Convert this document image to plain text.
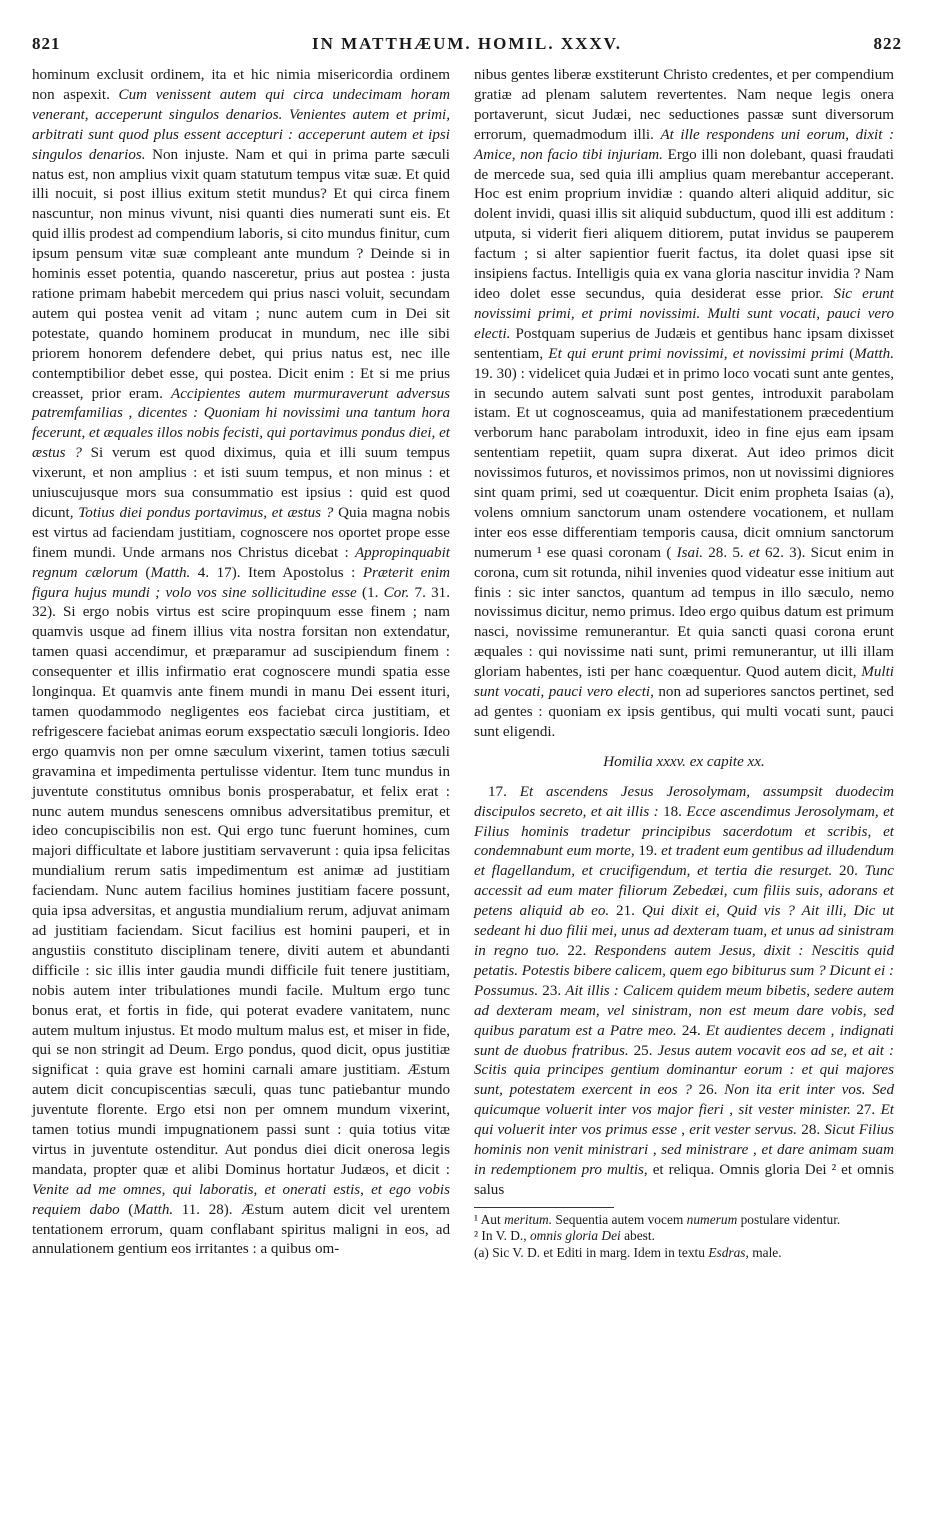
821	IN MATTHÆUM. HOMIL. XXXV.	822

hominum exclusit ordinem, ita et hic nimia misericordia ordinem non aspexit. Cum venissent autem qui circa undecimam horam venerant, acceperunt singulos denarios. Venientes autem et primi, arbitrati sunt quod plus essent accepturi : acceperunt autem et ipsi singulos denarios. Non injuste. Nam et qui in prima parte sæculi natus est, non amplius vixit quam statutum tempus vitæ suæ. Et quid illi nocuit, si post illius exitum stetit mundus? Et qui circa finem nascuntur, non minus vivunt, nisi quanti dies numerati sunt eis. Et quid illis prodest ad compendium laboris, si cito mundus finitur, cum ipsum pensum vitæ suæ compleant ante mundum ? Deinde si in hominis esset potentia, quando nasceretur, prius aut postea : justa ratione primam habebit mercedem qui prius nasci voluit, secundam autem qui postea venit ad vitam ; nunc autem cum in Dei sit potestate, quando hominem producat in mundum, nec ille sibi priorem honorem defendere debet, qui prius natus est, nec ille contemptibilior debet esse, qui postea. Dicit enim : Et si me prius creasset, prior eram. Accipientes autem murmuraverunt adversus patremfamilias , dicentes : Quoniam hi novissimi una tantum hora fecerunt, et æquales illos nobis fecisti, qui portavimus pondus diei, et æstus ? Si verum est quod diximus, quia et illi suum tempus vixerunt, et non amplius : et isti suum tempus, et non minus : et uniuscujusque mors sua consummatio est ipsius : quid est quod dicunt, Totius diei pondus portavimus, et æstus ? Quia magna nobis est virtus ad faciendam justitiam, cognoscere nos oportet prope esse finem mundi. Unde armans nos Christus dicebat : Appropinquabit regnum cælorum (Matth. 4. 17). Item Apostolus : Præterit enim figura hujus mundi ; volo vos sine sollicitudine esse (1. Cor. 7. 31. 32). Si ergo nobis virtus est scire propinquum esse finem ; nam quamvis usque ad finem illius vita nostra forsitan non extendatur, tamen quasi accendimur, et præparamur ad suscipiendum finem : consequenter et illis infirmatio erat cognoscere mundi spatia esse longinqua. Et quamvis ante finem mundi in manu Dei essent ituri, tamen quodammodo negligentes eos faciebat circa justitiam, et refrigescere faciebat animas eorum exspectatio sæculi longioris. Ideo ergo quamvis non per omne sæculum vixerint, tamen totius sæculi gravamina et impedimenta pertulisse videntur. Item tunc mundus in juventute constitutus omnibus bonis prosperabatur, et felix erat : nunc autem mundus senescens omnibus adversitatibus premitur, et ideo concupiscibilis non est. Qui ergo tunc fuerunt homines, cum majori difficultate et labore justitiam servaverunt : quia ipsa felicitas mundialium rerum satis impedimentum est animæ ad justitiam faciendam. Nunc autem facilius homines justitiam facere possunt, quia ipsa adversitas, et angustia mundialium rerum, adjuvat animam ad justitiam faciendam. Sicut facilius est homini pauperi, et in angustiis constituto disciplinam tenere, diviti autem et abundanti difficile : sic illis inter gaudia mundi difficile fuit tenere justitiam, nobis autem inter tribulationes mundi facile. Multum ergo tunc bonus erat, et fortis in fide, qui poterat evadere vanitatem, nunc autem multum injustus. Et modo multum malus est, et miser in fide, qui se non stringit ad Deum. Ergo pondus, quod dicit, opus justitiæ significat : quia grave est homini carnali amare justitiam. Æstum autem dicit concupiscentias sæculi, quas tunc patiebantur mundo juventute florente. Ergo etsi non per omnem mundum vixerint, tamen totius mundi impugnationem passi sunt : quia totius vitæ virtus in juventute ostenditur. Aut pondus diei dicit onerosa legis mandata, propter quæ et alibi Dominus hortatur Judæos, et dicit : Venite ad me omnes, qui laboratis, et onerati estis, et ego vobis requiem dabo (Matth. 11. 28). Æstum autem dicit vel urentem tentationem errorum, quam conflabant spiritus maligni in eos, ad annulationem gentium eos irritantes : a quibus om-

nibus gentes liberæ exstiterunt Christo credentes, et per compendium gratiæ ad plenam salutem revertentes. Nam neque legis onera portaverunt, sicut Judæi, nec seductiones passæ sunt diversorum errorum, quemadmodum illi. At ille respondens uni eorum, dixit : Amice, non facio tibi injuriam. Ergo illi non dolebant, quasi fraudati de mercede sua, sed quia illi amplius quam merebantur acceperant. Hoc est enim proprium invidiæ : quando alteri aliquid additur, sic dolent invidi, quasi illis sit aliquid subductum, quod illi est additum : utputa, si viderit fieri aliquem ditiorem, putat invidus se pauperem factum ; si alter sapientior fuerit factus, ita dolet quasi ipse sit insipiens factus. Intelligis quia ex vana gloria nascitur invidia ? Nam ideo dolet esse secundus, quia desiderat esse prior. Sic erunt novissimi primi, et primi novissimi. Multi sunt vocati, pauci vero electi. Postquam superius de Judæis et gentibus hanc ipsam dixisset sententiam, Et qui erunt primi novissimi, et novissimi primi (Matth. 19. 30) : videlicet quia Judæi et in primo loco vocati sunt ante gentes, in secundo autem salvati sunt post gentes, introduxit parabolam istam. Et ut cognosceamus, quia ad manifestationem præcedentium verborum hanc parabolam introduxit, ideo in fine ejus eam ipsam sententiam repetiit, quam supra dixerat. Aut ideo primos dicit novissimos futuros, et novissimos primos, non ut novissimi digniores sint quam primi, sed ut coæquentur. Dicit enim propheta Isaias (a), volens omnium sanctorum unam ostendere vocationem, et nullam inter eos esse differentiam temporis causa, dicit omnium sanctorum numerum ¹ ese quasi coronam ( Isai. 28. 5. et 62. 3). Sicut enim in corona, cum sit rotunda, nihil invenies quod videatur esse initium aut finis : sic inter sanctos, quantum ad tempus in illo sæculo, nemo novissimus dicitur, nemo primus. Ideo ergo quibus datum est primum nasci, novissime remunerantur. Et quia sancti quasi corona erunt æquales : qui novissime nati sunt, primi remunerantur, ut illi illam gloriam habentes, isti per hanc coæquentur. Quod autem dicit, Multi sunt vocati, pauci vero electi, non ad superiores sanctos pertinet, sed ad gentes : quoniam ex ipsis gentibus, qui multi vocati sunt, pauci sunt eligendi.

Homilia xxxv. ex capite xx.

17. Et ascendens Jesus Jerosolymam, assumpsit duodecim discipulos secreto, et ait illis : 18. Ecce ascendimus Jerosolymam, et Filius hominis tradetur principibus sacerdotum et scribis, et condemnabunt eum morte, 19. et tradent eum gentibus ad illudendum et flagellandum, et crucifigendum, et tertia die resurget. 20. Tunc accessit ad eum mater filiorum Zebedæi, cum filiis suis, adorans et petens aliquid ab eo. 21. Qui dixit ei, Quid vis ? Ait illi, Dic ut sedeant hi duo filii mei, unus ad dexteram tuam, et unus ad sinistram in regno tuo. 22. Respondens autem Jesus, dixit : Nescitis quid petatis. Potestis bibere calicem, quem ego bibiturus sum ? Dicunt ei : Possumus. 23. Ait illis : Calicem quidem meum bibetis, sedere autem ad dexteram meam, vel sinistram, non est meum dare vobis, sed quibus paratum est a Patre meo. 24. Et audientes decem , indignati sunt de duobus fratribus. 25. Jesus autem vocavit eos ad se, et ait : Scitis quia principes gentium dominantur eorum : et qui majores sunt, potestatem exercent in eos ? 26. Non ita erit inter vos. Sed quicumque voluerit inter vos major fieri , sit vester minister. 27. Et qui voluerit inter vos primus esse , erit vester servus. 28. Sicut Filius hominis non venit ministrari , sed ministrare , et dare animam suam in redemptionem pro multis, et reliqua. Omnis gloria Dei ² et omnis salus

¹ Aut meritum. Sequentia autem vocem numerum postulare videntur.

² In V. D., omnis gloria Dei abest.

(a) Sic V. D. et Editi in marg. Idem in textu Esdras, male.
